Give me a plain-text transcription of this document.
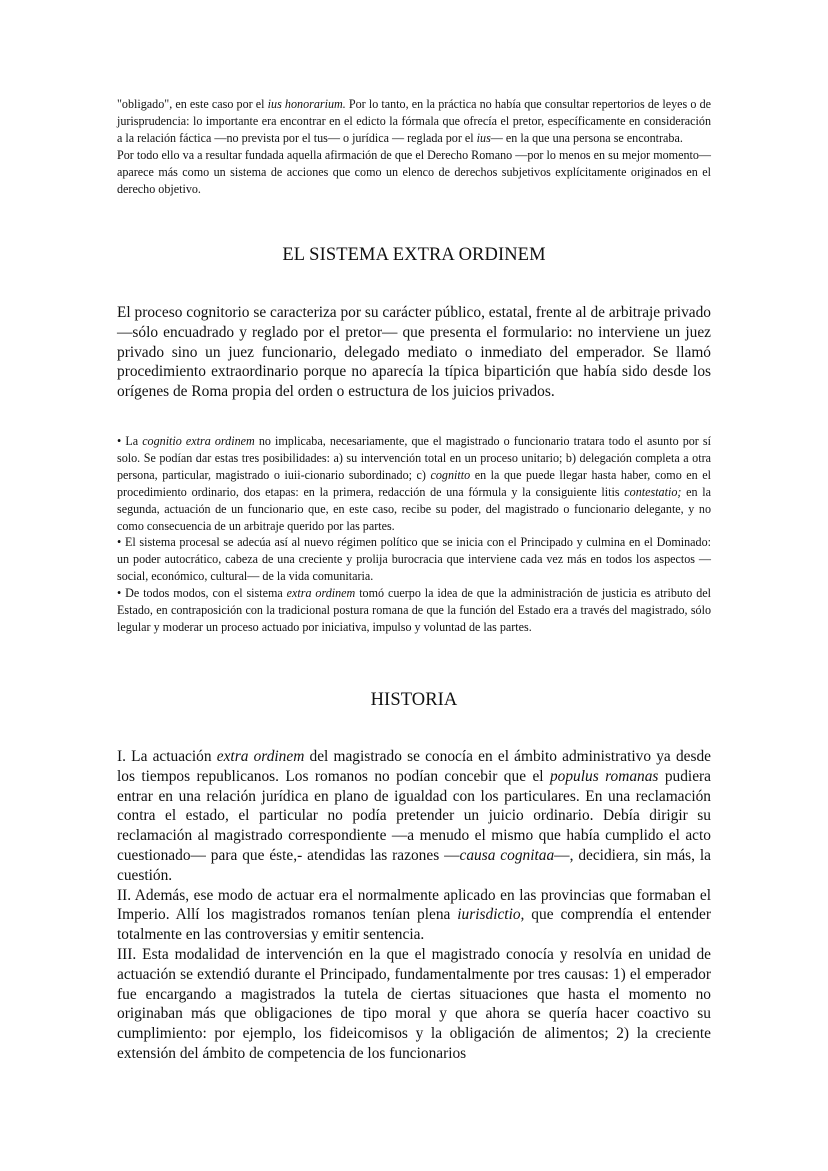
"obligado", en este caso por el ius honorarium. Por lo tanto, en la práctica no había que consultar repertorios de leyes o de jurisprudencia: lo importante era encontrar en el edicto la fórmala que ofrecía el pretor, específicamente en consideración a la relación fáctica —no prevista por el tus— o jurídica — reglada por el ius— en la que una persona se encontraba.

Por todo ello va a resultar fundada aquella afirmación de que el Derecho Romano —por lo menos en su mejor momento— aparece más como un sistema de acciones que como un elenco de derechos subjetivos explícitamente originados en el derecho objetivo.

EL SISTEMA EXTRA ORDINEM

El proceso cognitorio se caracteriza por su carácter público, estatal, frente al de arbitraje privado —sólo encuadrado y reglado por el pretor— que presenta el formulario: no interviene un juez privado sino un juez funcionario, delegado mediato o inmediato del emperador. Se llamó procedimiento extraordinario porque no aparecía la típica bipartición que había sido desde los orígenes de Roma propia del orden o estructura de los juicios privados.

• La cognitio extra ordinem no implicaba, necesariamente, que el magistrado o funcionario tratara todo el asunto por sí solo. Se podían dar estas tres posibilidades: a) su intervención total en un proceso unitario; b) delegación completa a otra persona, particular, magistrado o iuii-cionario subordinado; c) cognitto en la que puede llegar hasta haber, como en el procedimiento ordinario, dos etapas: en la primera, redacción de una fórmula y la consiguiente litis contestatio; en la segunda, actuación de un funcionario que, en este caso, recibe su poder, del magistrado o funcionario delegante, y no como consecuencia de un arbitraje querido por las partes.

• El sistema procesal se adecúa así al nuevo régimen político que se inicia con el Principado y culmina en el Dominado: un poder autocrático, cabeza de una creciente y prolija burocracia que interviene cada vez más en todos los aspectos —social, económico, cultural— de la vida comunitaria.

• De todos modos, con el sistema extra ordinem tomó cuerpo la idea de que la administración de justicia es atributo del Estado, en contraposición con la tradicional postura romana de que la función del Estado era a través del magistrado, sólo legular y moderar un proceso actuado por iniciativa, impulso y voluntad de las partes.

HISTORIA

I. La actuación extra ordinem del magistrado se conocía en el ámbito administrativo ya desde los tiempos republicanos. Los romanos no podían concebir que el populus romanas pudiera entrar en una relación jurídica en plano de igualdad con los particulares. En una reclamación contra el estado, el particular no podía pretender un juicio ordinario. Debía dirigir su reclamación al magistrado correspondiente —a menudo el mismo que había cumplido el acto cuestionado— para que éste,- atendidas las razones —causa cognitaa—, decidiera, sin más, la cuestión.

II. Además, ese modo de actuar era el normalmente aplicado en las provincias que formaban el Imperio. Allí los magistrados romanos tenían plena iurisdictio, que comprendía el entender totalmente en las controversias y emitir sentencia.

III. Esta modalidad de intervención en la que el magistrado conocía y resolvía en unidad de actuación se extendió durante el Principado, fundamentalmente por tres causas: 1) el emperador fue encargando a magistrados la tutela de ciertas situaciones que hasta el momento no originaban más que obligaciones de tipo moral y que ahora se quería hacer coactivo su cumplimiento: por ejemplo, los fideicomisos y la obligación de alimentos; 2) la creciente extensión del ámbito de competencia de los funcionarios
